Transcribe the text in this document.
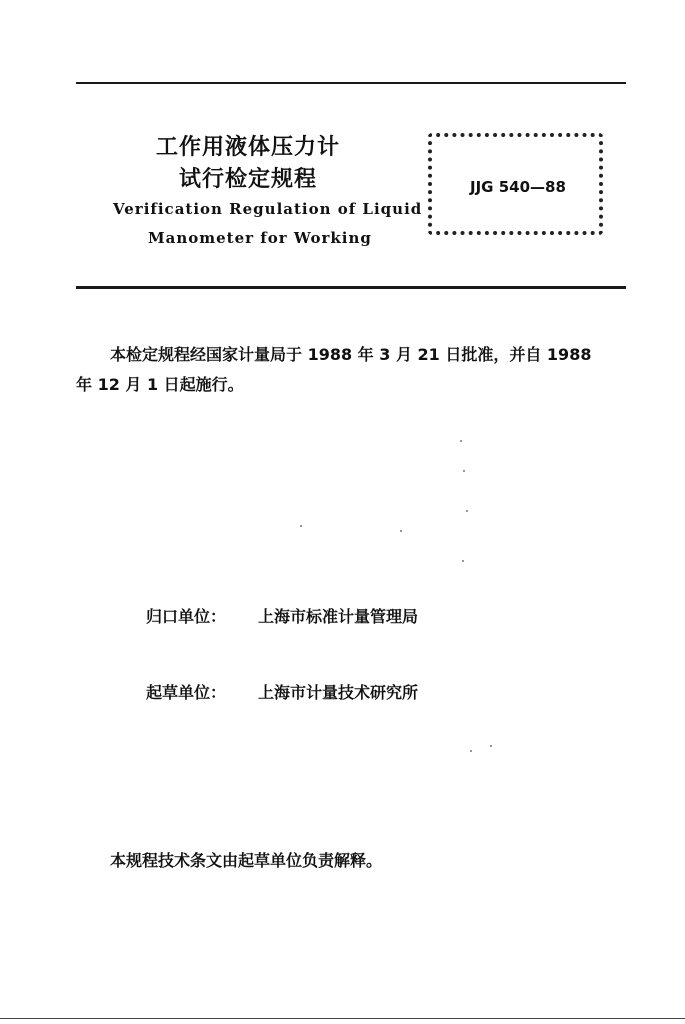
工作用液体压力计
试行检定规程
Verification Regulation of Liquid
Manometer for Working
JJG 540—88
本检定规程经国家计量局于 1988 年 3 月 21 日批准，并自 1988
年 12 月 1 日起施行。
归口单位： 上海市标准计量管理局
起草单位： 上海市计量技术研究所
本规程技术条文由起草单位负责解释。
